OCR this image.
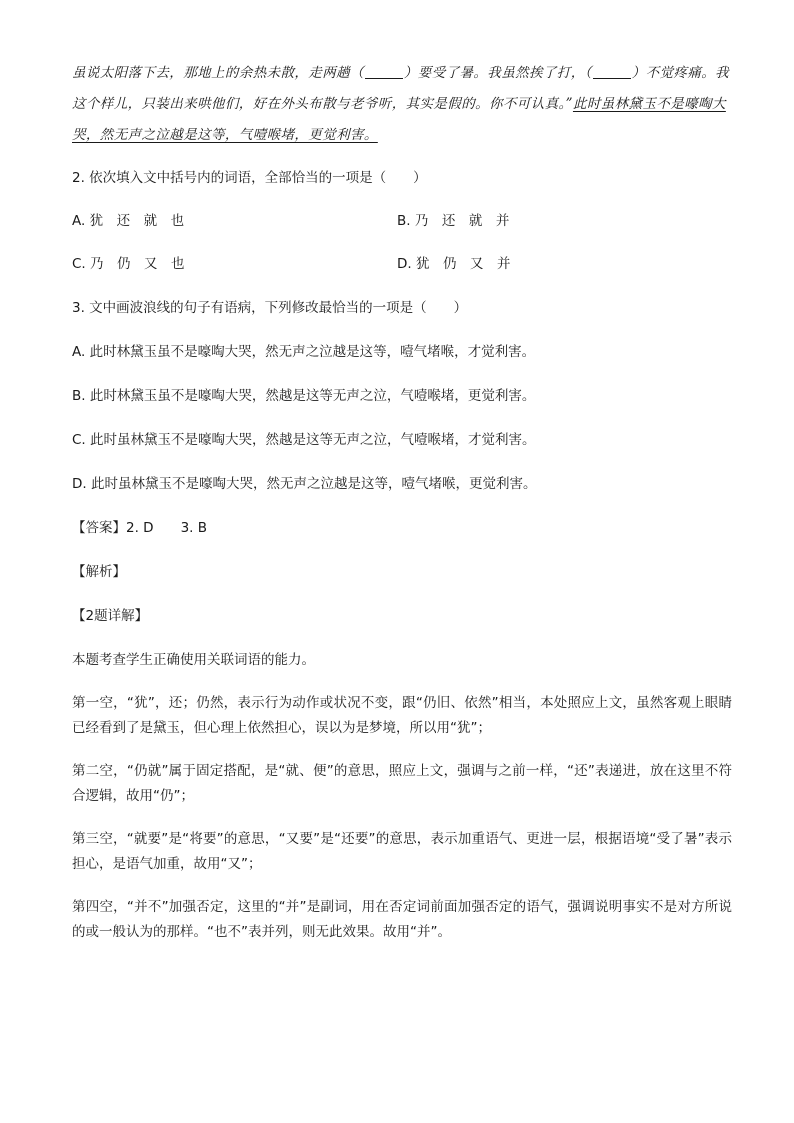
虽说太阳落下去，那地上的余热未散，走两趟（	）要受了暑。我虽然挨了打，（	）不觉疼痛。我这个样儿，只装出来哄他们，好在外头布散与老爷听，其实是假的。你不可认真。”此时虽林黛玉不是嚎啕大哭，然无声之泣越是这等，气噎喉堵，更觉利害。

2. 依次填入文中括号内的词语，全部恰当的一项是（　　）

A. 犹　还　就　也	B. 乃　还　就　并
C. 乃　仍　又　也	D. 犹　仍　又　并

3. 文中画波浪线的句子有语病，下列修改最恰当的一项是（　　）

A. 此时林黛玉虽不是嚎啕大哭，然无声之泣越是这等，噎气堵喉，才觉利害。

B. 此时林黛玉虽不是嚎啕大哭，然越是这等无声之泣，气噎喉堵，更觉利害。

C. 此时虽林黛玉不是嚎啕大哭，然越是这等无声之泣，气噎喉堵，才觉利害。

D. 此时虽林黛玉不是嚎啕大哭，然无声之泣越是这等，噎气堵喉，更觉利害。

【答案】2. D　　3. B

【解析】

【2题详解】

本题考查学生正确使用关联词语的能力。

第一空，“犹”，还；仍然，表示行为动作或状况不变，跟“仍旧、依然”相当，本处照应上文，虽然客观上眼睛已经看到了是黛玉，但心理上依然担心，误以为是梦境，所以用“犹”；

第二空，“仍就”属于固定搭配，是“就、便”的意思，照应上文，强调与之前一样，“还”表递进，放在这里不符合逻辑，故用“仍”；

第三空，“就要”是“将要”的意思，“又要”是“还要”的意思，表示加重语气、更进一层，根据语境“受了暑”表示担心，是语气加重，故用“又”；

第四空，“并不”加强否定，这里的“并”是副词，用在否定词前面加强否定的语气，强调说明事实不是对方所说的或一般认为的那样。“也不”表并列，则无此效果。故用“并”。
